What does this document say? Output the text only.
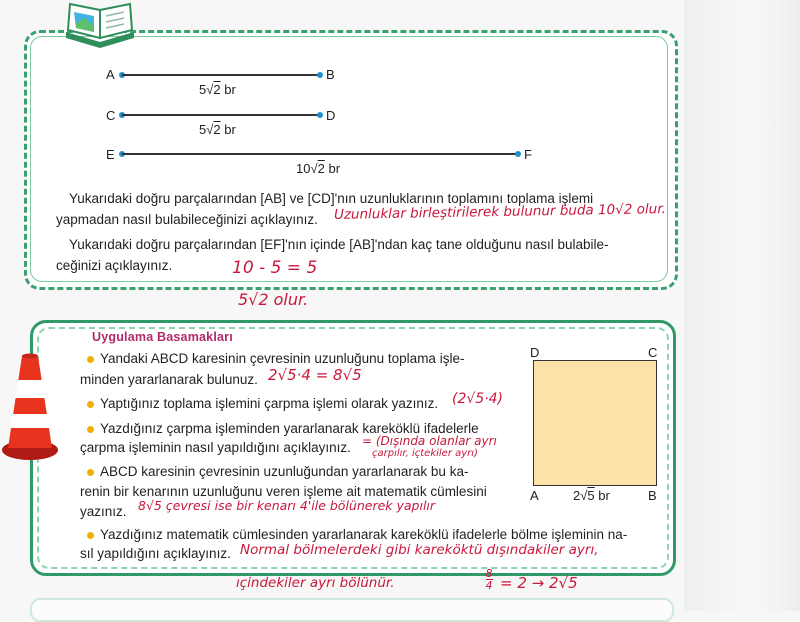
A	B
5√2 br
C	D
5√2 br
E	F
10√2 br
Yukarıdaki doğru parçalarından [AB] ve [CD]'nın uzunluklarının toplamını toplama işlemi
yapmadan nasıl bulabileceğinizi açıklayınız. Uzunluklar birleştirilerek bulunur buda 10√2 olur.
Yukarıdaki doğru parçalarından [EF]'nın içinde [AB]'ndan kaç tane olduğunu nasıl bulabile-
ceğinizi açıklayınız.	10 - 5 = 5
5√2 olur.
Uygulama Basamakları
Yandaki ABCD karesinin çevresinin uzunluğunu toplama işle-
minden yararlanarak bulunuz. 2√5·4 = 8√5
Yaptığınız toplama işlemini çarpma işlemi olarak yazınız. (2√5·4)
Yazdığınız çarpma işleminden yararlanarak kareköklü ifadelerle
çarpma işleminin nasıl yapıldığını açıklayınız. = (Dışında olanlar ayrı
çarpılır, içtekiler ayrı)
ABCD karesinin çevresinin uzunluğundan yararlanarak bu ka-
renin bir kenarının uzunluğunu veren işleme ait matematik cümlesini
yazınız. 8√5 çevresi ise bir kenarı 4'ile bölünerek yapılır
Yazdığınız matematik cümlesinden yararlanarak kareköklü ifadelerle bölme işleminin na-
sıl yapıldığını açıklayınız. Normal bölmelerdeki gibi kareköktü dışındakiler ayrı,
ıçindekiler ayrı bölünür.
8
4 = 2 → 2√5
D	C
A	B
2√5 br
